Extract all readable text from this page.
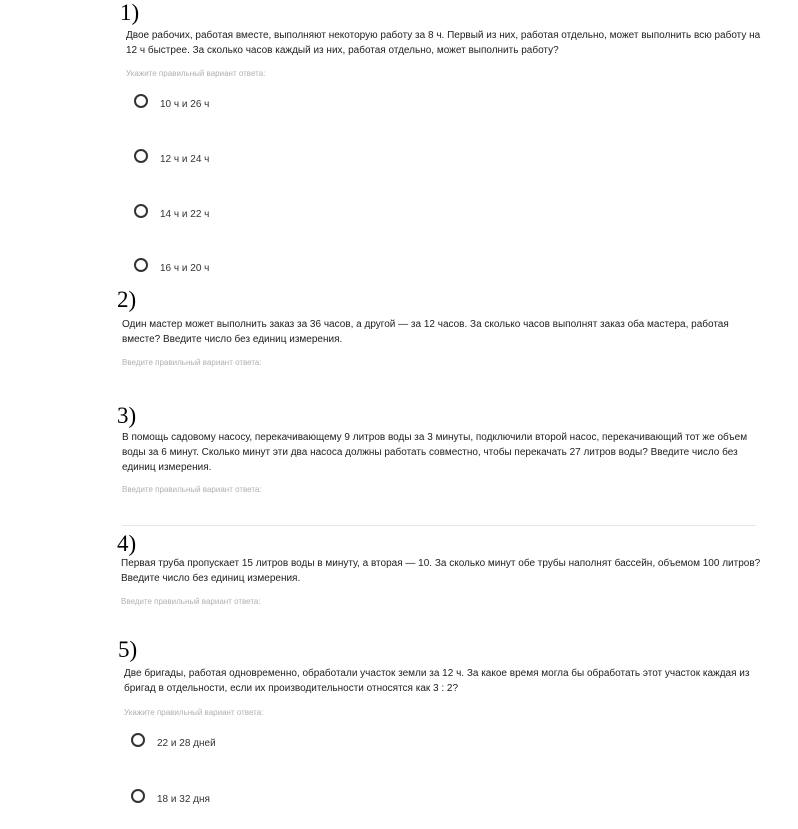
1)
Двое рабочих, работая вместе, выполняют некоторую работу за 8 ч. Первый из них, работая отдельно, может выполнить всю работу на 12 ч быстрее. За сколько часов каждый из них, работая отдельно, может выполнить работу?
Укажите правильный вариант ответа:
10 ч и 26 ч
12 ч и 24 ч
14 ч и 22 ч
16 ч и 20 ч
2)
Один мастер может выполнить заказ за 36 часов, а другой — за 12 часов. За сколько часов выполнят заказ оба мастера, работая вместе? Введите число без единиц измерения.
Введите правильный вариант ответа:
3)
В помощь садовому насосу, перекачивающему 9 литров воды за 3 минуты, подключили второй насос, перекачивающий тот же объем воды за 6 минут. Сколько минут эти два насоса должны работать совместно, чтобы перекачать 27 литров воды? Введите число без единиц измерения.
Введите правильный вариант ответа:
4)
Первая труба пропускает 15 литров воды в минуту, а вторая — 10. За сколько минут обе трубы наполнят бассейн, объемом 100 литров? Введите число без единиц измерения.
Введите правильный вариант ответа:
5)
Две бригады, работая одновременно, обработали участок земли за 12 ч. За какое время могла бы обработать этот участок каждая из бригад в отдельности, если их производительности относятся как 3 : 2?
Укажите правильный вариант ответа:
22 и 28 дней
18 и 32 дня
